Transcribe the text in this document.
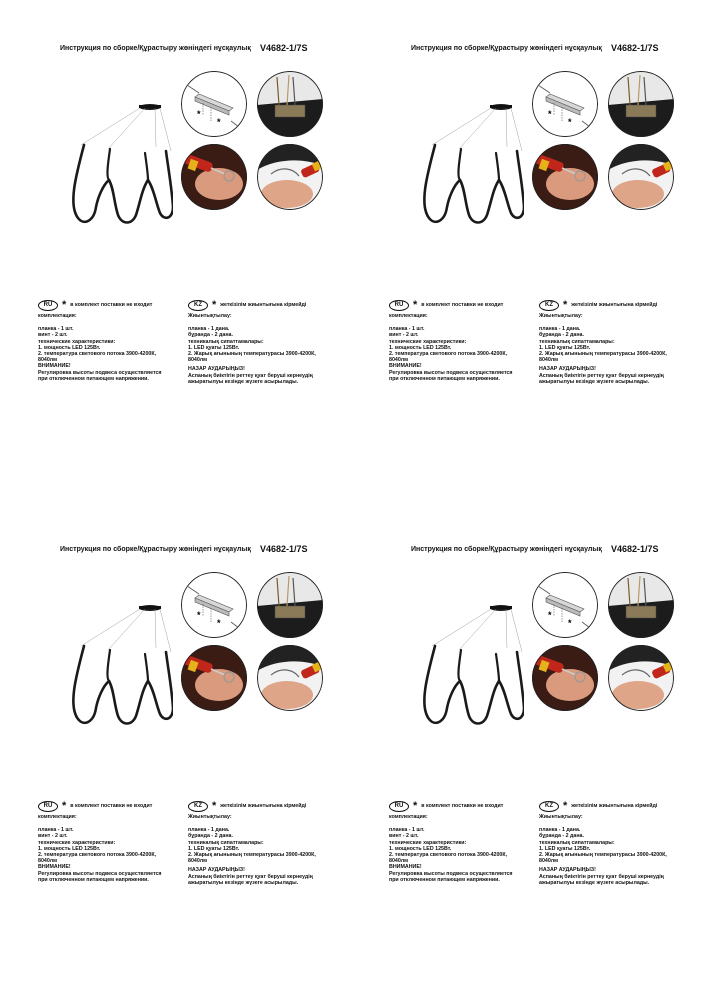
Инструкция по сборке/Құрастыру жөніндегі нұсқаулық V4682-1/7S
*
*
RU * в комплект поставки не входит
комплектация:
планка - 1 шт.
винт - 2 шт.
технические характеристики:
1. мощность LED 125Вт.
2. температура светового потока 3900-4200К,
8040лм
ВНИМАНИЕ!
Регулировка высоты подвеса осуществляется
при отключенном питающем напряжении.
KZ * жеткізілім жиынтығына кірмейді
Жиынтықтылау:
планка - 1 дана.
бұранда - 2 дана.
техникалық сипаттамалары:
1. LED қуаты 125Вт.
2. Жарық ағынының температурасы 3900-4200К,
8040лм
НАЗАР АУДАРЫҢЫЗ!
Аспаның биіктігін реттеу қуат беруші кернеудің
ажыратылуы кезінде жүзеге асырылады.
Инструкция по сборке/Құрастыру жөніндегі нұсқаулық V4682-1/7S
*
*
RU * в комплект поставки не входит
комплектация:
планка - 1 шт.
винт - 2 шт.
технические характеристики:
1. мощность LED 125Вт.
2. температура светового потока 3900-4200К,
8040лм
ВНИМАНИЕ!
Регулировка высоты подвеса осуществляется
при отключенном питающем напряжении.
KZ * жеткізілім жиынтығына кірмейді
Жиынтықтылау:
планка - 1 дана.
бұранда - 2 дана.
техникалық сипаттамалары:
1. LED қуаты 125Вт.
2. Жарық ағынының температурасы 3900-4200К,
8040лм
НАЗАР АУДАРЫҢЫЗ!
Аспаның биіктігін реттеу қуат беруші кернеудің
ажыратылуы кезінде жүзеге асырылады.
Инструкция по сборке/Құрастыру жөніндегі нұсқаулық V4682-1/7S
*
*
RU * в комплект поставки не входит
комплектация:
планка - 1 шт.
винт - 2 шт.
технические характеристики:
1. мощность LED 125Вт.
2. температура светового потока 3900-4200К,
8040лм
ВНИМАНИЕ!
Регулировка высоты подвеса осуществляется
при отключенном питающем напряжении.
KZ * жеткізілім жиынтығына кірмейді
Жиынтықтылау:
планка - 1 дана.
бұранда - 2 дана.
техникалық сипаттамалары:
1. LED қуаты 125Вт.
2. Жарық ағынының температурасы 3900-4200К,
8040лм
НАЗАР АУДАРЫҢЫЗ!
Аспаның биіктігін реттеу қуат беруші кернеудің
ажыратылуы кезінде жүзеге асырылады.
Инструкция по сборке/Құрастыру жөніндегі нұсқаулық V4682-1/7S
*
*
RU * в комплект поставки не входит
комплектация:
планка - 1 шт.
винт - 2 шт.
технические характеристики:
1. мощность LED 125Вт.
2. температура светового потока 3900-4200К,
8040лм
ВНИМАНИЕ!
Регулировка высоты подвеса осуществляется
при отключенном питающем напряжении.
KZ * жеткізілім жиынтығына кірмейді
Жиынтықтылау:
планка - 1 дана.
бұранда - 2 дана.
техникалық сипаттамалары:
1. LED қуаты 125Вт.
2. Жарық ағынының температурасы 3900-4200К,
8040лм
НАЗАР АУДАРЫҢЫЗ!
Аспаның биіктігін реттеу қуат беруші кернеудің
ажыратылуы кезінде жүзеге асырылады.
